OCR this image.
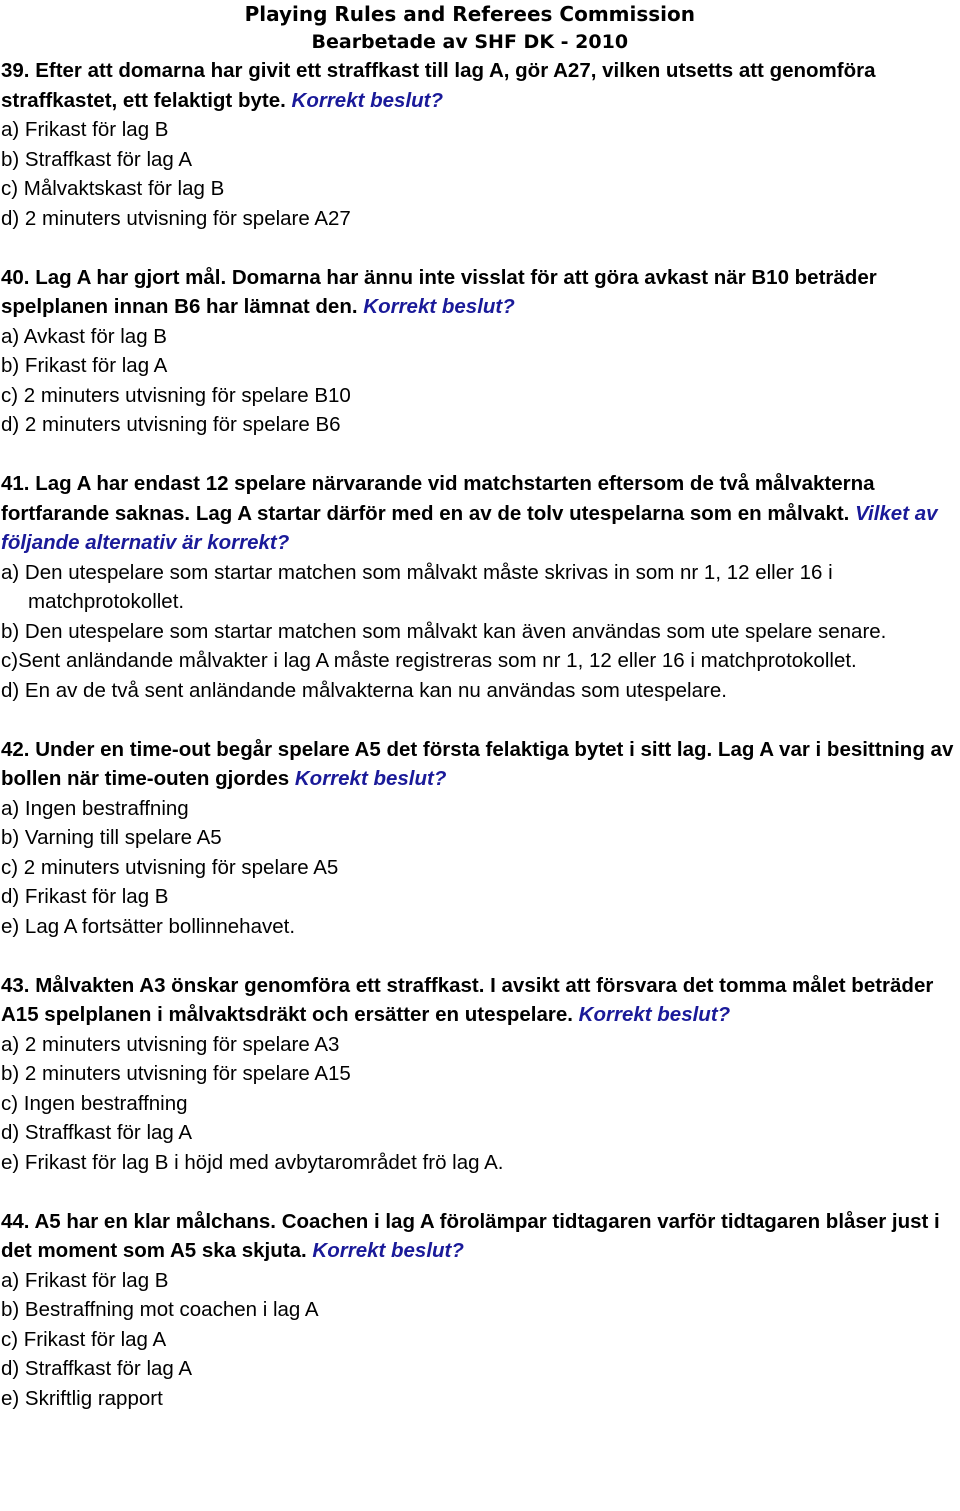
Playing Rules and Referees Commission
Bearbetade av SHF DK - 2010
39. Efter att domarna har givit ett straffkast till lag A, gör A27, vilken utsetts att genomföra straffkastet, ett felaktigt byte. Korrekt beslut?
a) Frikast för lag B
b) Straffkast för lag A
c) Målvaktskast för lag B
d) 2 minuters utvisning för spelare A27
40. Lag A har gjort mål. Domarna har ännu inte visslat för att göra avkast när B10 beträder spelplanen innan B6 har lämnat den. Korrekt beslut?
a) Avkast för lag B
b) Frikast för lag A
c) 2 minuters utvisning för spelare B10
d) 2 minuters utvisning för spelare B6
41. Lag A har endast 12 spelare närvarande vid matchstarten eftersom de två målvakterna fortfarande saknas. Lag A startar därför med en av de tolv utespelarna som en målvakt. Vilket av följande alternativ är korrekt?
a) Den utespelare som startar matchen som målvakt måste skrivas in som nr 1, 12 eller 16 i matchprotokollet.
b) Den utespelare som startar matchen som målvakt kan även användas som ute spelare senare.
c)Sent anländande målvakter i lag A måste registreras som nr 1, 12 eller 16 i matchprotokollet.
d) En av de två sent anländande målvakterna kan nu användas som utespelare.
42. Under en time-out begår spelare A5 det första felaktiga bytet i sitt lag. Lag A var i besittning av bollen när time-outen gjordes Korrekt beslut?
a) Ingen bestraffning
b) Varning till spelare A5
c) 2 minuters utvisning för spelare A5
d) Frikast för lag B
e) Lag A fortsätter bollinnehavet.
43. Målvakten A3 önskar genomföra ett straffkast. I avsikt att försvara det tomma målet beträder A15 spelplanen i målvaktsdräkt och ersätter en utespelare. Korrekt beslut?
a) 2 minuters utvisning för spelare A3
b) 2 minuters utvisning för spelare A15
c) Ingen bestraffning
d) Straffkast för lag A
e) Frikast för lag B i höjd med avbytarområdet frö lag A.
44. A5 har en klar målchans. Coachen i lag A förolämpar tidtagaren varför tidtagaren blåser just i det moment som A5 ska skjuta. Korrekt beslut?
a) Frikast för lag B
b) Bestraffning mot coachen i lag A
c) Frikast för lag A
d) Straffkast för lag A
e) Skriftlig rapport
